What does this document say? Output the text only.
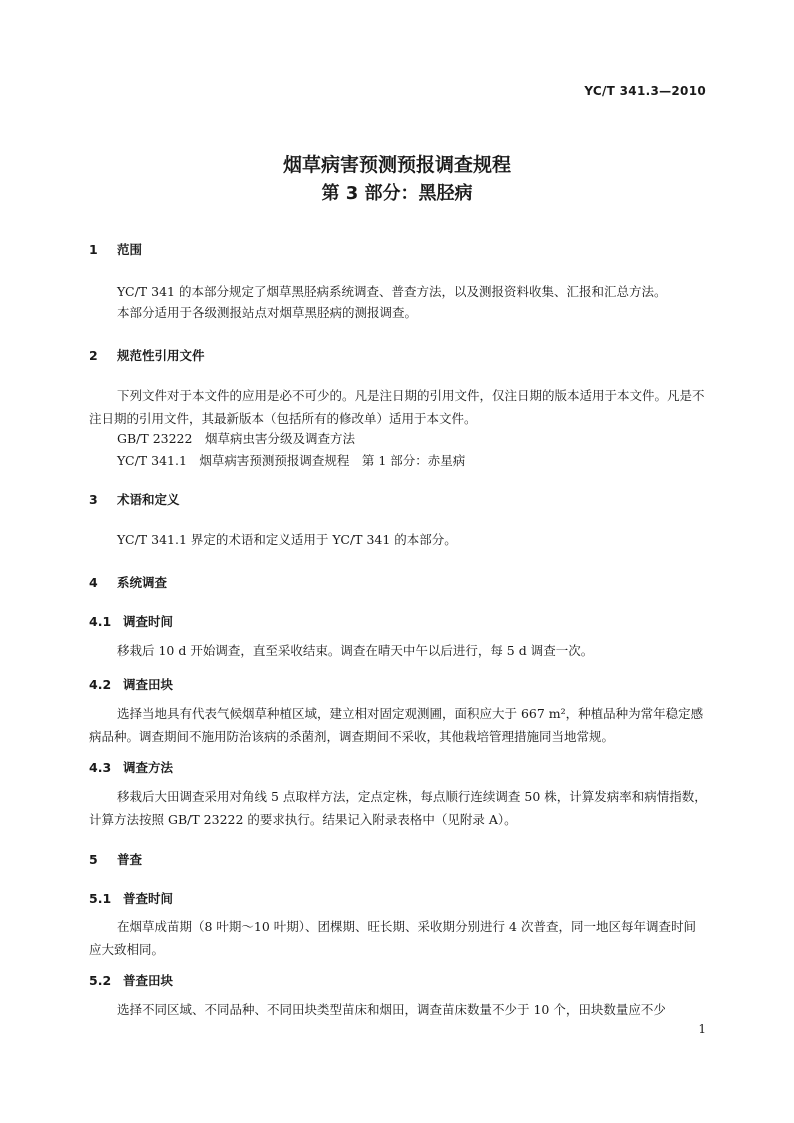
YC/T 341.3—2010
烟草病害预测预报调查规程
第 3 部分：黑胫病
1 范围

YC/T 341 的本部分规定了烟草黑胫病系统调查、普查方法，以及测报资料收集、汇报和汇总方法。

本部分适用于各级测报站点对烟草黑胫病的测报调查。

2 规范性引用文件

下列文件对于本文件的应用是必不可少的。凡是注日期的引用文件，仅注日期的版本适用于本文件。凡是不注日期的引用文件，其最新版本（包括所有的修改单）适用于本文件。

GB/T 23222　烟草病虫害分级及调查方法
YC/T 341.1　烟草病害预测预报调查规程　第 1 部分：赤星病
3 术语和定义

YC/T 341.1 界定的术语和定义适用于 YC/T 341 的本部分。

4 系统调查
4.1 调查时间

移栽后 10 d 开始调查，直至采收结束。调查在晴天中午以后进行，每 5 d 调查一次。

4.2 调查田块

选择当地具有代表气候烟草种植区域，建立相对固定观测圃，面积应大于 667 m²，种植品种为常年稳定感病品种。调查期间不施用防治该病的杀菌剂，调查期间不采收，其他栽培管理措施同当地常规。

4.3 调查方法

移栽后大田调查采用对角线 5 点取样方法，定点定株，每点顺行连续调查 50 株，计算发病率和病情指数，计算方法按照 GB/T 23222 的要求执行。结果记入附录表格中（见附录 A）。

5 普查
5.1 普查时间

在烟草成苗期（8 叶期～10 叶期）、团棵期、旺长期、采收期分别进行 4 次普查，同一地区每年调查时间应大致相同。

5.2 普查田块

选择不同区域、不同品种、不同田块类型苗床和烟田，调查苗床数量不少于 10 个，田块数量应不少

1
